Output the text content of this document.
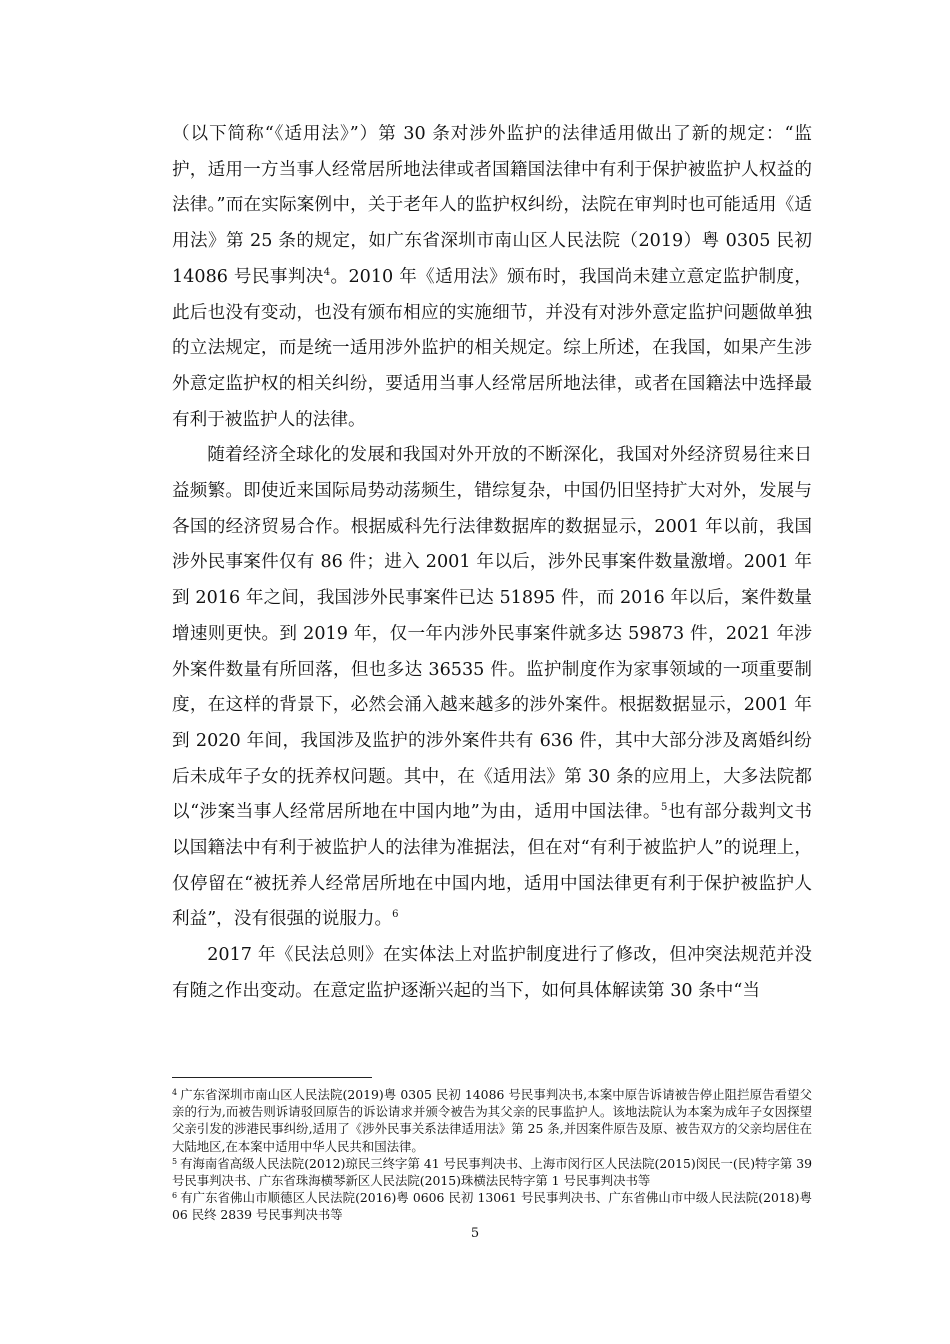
（以下简称“《适用法》”）第 30 条对涉外监护的法律适用做出了新的规定：“监护，适用一方当事人经常居所地法律或者国籍国法律中有利于保护被监护人权益的法律。”而在实际案例中，关于老年人的监护权纠纷，法院在审判时也可能适用《适用法》第 25 条的规定，如广东省深圳市南山区人民法院（2019）粤 0305 民初 14086 号民事判决$^4$。2010 年《适用法》颁布时，我国尚未建立意定监护制度，此后也没有变动，也没有颁布相应的实施细节，并没有对涉外意定监护问题做单独的立法规定，而是统一适用涉外监护的相关规定。综上所述，在我国，如果产生涉外意定监护权的相关纠纷，要适用当事人经常居所地法律，或者在国籍法中选择最有利于被监护人的法律。

随着经济全球化的发展和我国对外开放的不断深化，我国对外经济贸易往来日益频繁。即使近来国际局势动荡频生，错综复杂，中国仍旧坚持扩大对外，发展与各国的经济贸易合作。根据威科先行法律数据库的数据显示，2001 年以前，我国涉外民事案件仅有 86 件；进入 2001 年以后，涉外民事案件数量激增。2001 年到 2016 年之间，我国涉外民事案件已达 51895 件，而 2016 年以后，案件数量增速则更快。到 2019 年，仅一年内涉外民事案件就多达 59873 件，2021 年涉外案件数量有所回落，但也多达 36535 件。监护制度作为家事领域的一项重要制度，在这样的背景下，必然会涌入越来越多的涉外案件。根据数据显示，2001 年到 2020 年间，我国涉及监护的涉外案件共有 636 件，其中大部分涉及离婚纠纷后未成年子女的抚养权问题。其中，在《适用法》第 30 条的应用上，大多法院都以“涉案当事人经常居所地在中国内地”为由，适用中国法律。$^5$也有部分裁判文书以国籍法中有利于被监护人的法律为准据法，但在对“有利于被监护人”的说理上，仅停留在“被抚养人经常居所地在中国内地，适用中国法律更有利于保护被监护人利益”，没有很强的说服力。$^6$

2017 年《民法总则》在实体法上对监护制度进行了修改，但冲突法规范并没有随之作出变动。在意定监护逐渐兴起的当下，如何具体解读第 30 条中“当

$^4$ 广东省深圳市南山区人民法院(2019)粤 0305 民初 14086 号民事判决书,本案中原告诉请被告停止阻拦原告看望父亲的行为,而被告则诉请驳回原告的诉讼请求并颁令被告为其父亲的民事监护人。该地法院认为本案为成年子女因探望父亲引发的涉港民事纠纷,适用了《涉外民事关系法律适用法》第 25 条,并因案件原告及原、被告双方的父亲均居住在大陆地区,在本案中适用中华人民共和国法律。

$^5$ 有海南省高级人民法院(2012)琼民三终字第 41 号民事判决书、上海市闵行区人民法院(2015)闵民一(民)特字第 39 号民事判决书、广东省珠海横琴新区人民法院(2015)珠横法民特字第 1 号民事判决书等

$^6$ 有广东省佛山市顺德区人民法院(2016)粤 0606 民初 13061 号民事判决书、广东省佛山市中级人民法院(2018)粤 06 民终 2839 号民事判决书等

5
